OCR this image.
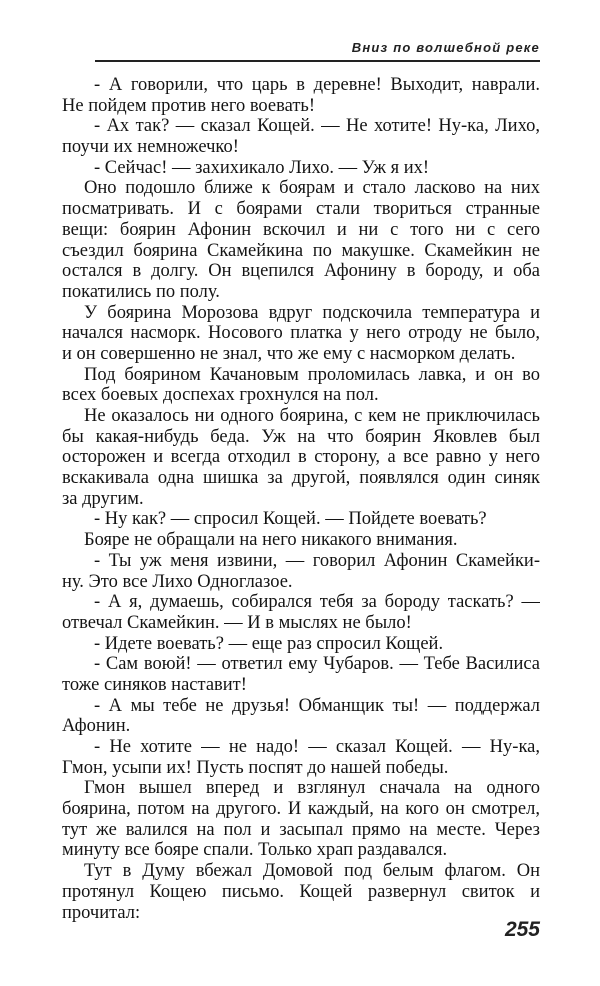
Вниз по волшебной реке
- А говорили, что царь в деревне! Выходит, наврали.
Не пойдем против него воевать!
- Ах так? — сказал Кощей. — Не хотите! Ну-ка, Лихо,
поучи их немножечко!
- Сейчас! — захихикало Лихо. — Уж я их!
Оно подошло ближе к боярам и стало ласково на них
посматривать. И с боярами стали твориться странные
вещи: боярин Афонин вскочил и ни с того ни с сего
съездил боярина Скамейкина по макушке. Скамейкин не
остался в долгу. Он вцепился Афонину в бороду, и оба
покатились по полу.
У боярина Морозова вдруг подскочила температура и
начался насморк. Носового платка у него отроду не было,
и он совершенно не знал, что же ему с насморком делать.
Под боярином Качановым проломилась лавка, и он во
всех боевых доспехах грохнулся на пол.
Не оказалось ни одного боярина, с кем не приключилась
бы какая-нибудь беда. Уж на что боярин Яковлев был
осторожен и всегда отходил в сторону, а все равно у него
вскакивала одна шишка за другой, появлялся один синяк
за другим.
- Ну как? — спросил Кощей. — Пойдете воевать?
Бояре не обращали на него никакого внимания.
- Ты уж меня извини, — говорил Афонин Скамейки-
ну. Это все Лихо Одноглазое.
- А я, думаешь, собирался тебя за бороду таскать? —
отвечал Скамейкин. — И в мыслях не было!
- Идете воевать? — еще раз спросил Кощей.
- Сам воюй! — ответил ему Чубаров. — Тебе Василиса
тоже синяков наставит!
- А мы тебе не друзья! Обманщик ты! — поддержал
Афонин.
- Не хотите — не надо! — сказал Кощей. — Ну-ка,
Гмон, усыпи их! Пусть поспят до нашей победы.
Гмон вышел вперед и взглянул сначала на одного
боярина, потом на другого. И каждый, на кого он смотрел,
тут же валился на пол и засыпал прямо на месте. Через
минуту все бояре спали. Только храп раздавался.
Тут в Думу вбежал Домовой под белым флагом. Он
протянул Кощею письмо. Кощей развернул свиток и
прочитал:
255
